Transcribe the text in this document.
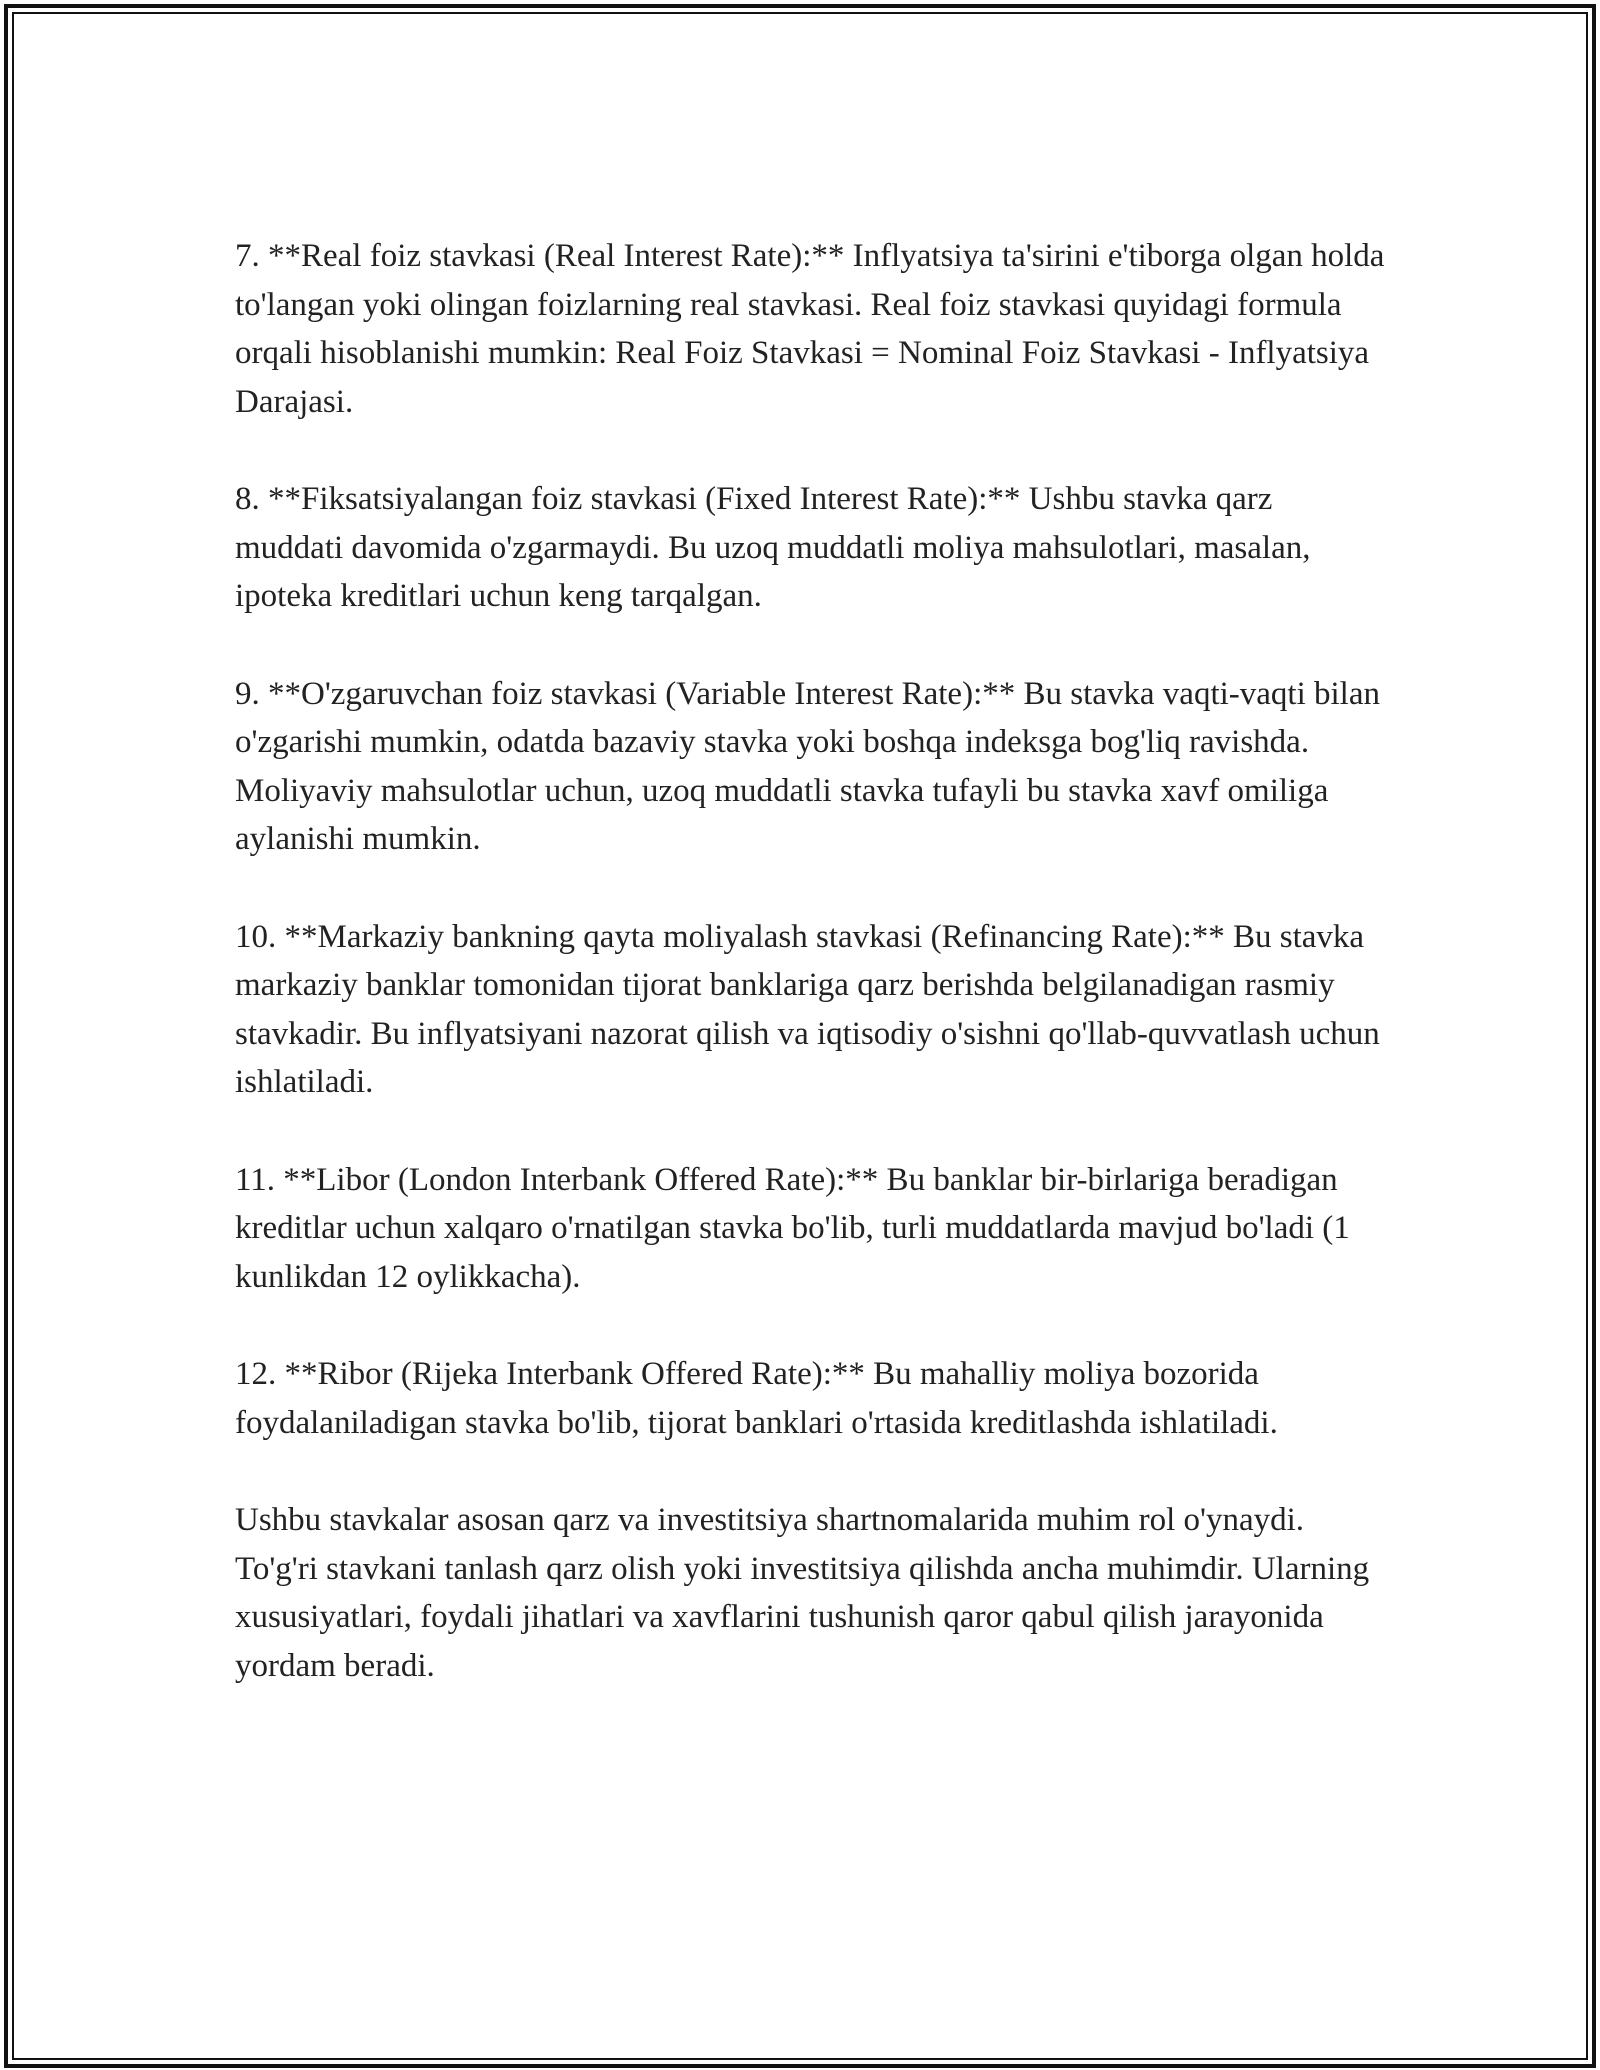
7. **Real foiz stavkasi (Real Interest Rate):** Inflyatsiya ta'sirini e'tiborga olgan holda to'langan yoki olingan foizlarning real stavkasi. Real foiz stavkasi quyidagi formula orqali hisoblanishi mumkin: Real Foiz Stavkasi = Nominal Foiz Stavkasi - Inflyatsiya Darajasi.

8. **Fiksatsiyalangan foiz stavkasi (Fixed Interest Rate):** Ushbu stavka qarz muddati davomida o'zgarmaydi. Bu uzoq muddatli moliya mahsulotlari, masalan, ipoteka kreditlari uchun keng tarqalgan.

9. **O'zgaruvchan foiz stavkasi (Variable Interest Rate):** Bu stavka vaqti-vaqti bilan o'zgarishi mumkin, odatda bazaviy stavka yoki boshqa indeksga bog'liq ravishda. Moliyaviy mahsulotlar uchun, uzoq muddatli stavka tufayli bu stavka xavf omiliga aylanishi mumkin.

10. **Markaziy bankning qayta moliyalash stavkasi (Refinancing Rate):** Bu stavka markaziy banklar tomonidan tijorat banklariga qarz berishda belgilanadigan rasmiy stavkadir. Bu inflyatsiyani nazorat qilish va iqtisodiy o'sishni qo'llab-quvvatlash uchun ishlatiladi.

11. **Libor (London Interbank Offered Rate):** Bu banklar bir-birlariga beradigan kreditlar uchun xalqaro o'rnatilgan stavka bo'lib, turli muddatlarda mavjud bo'ladi (1 kunlikdan 12 oylikkacha).

12. **Ribor (Rijeka Interbank Offered Rate):** Bu mahalliy moliya bozorida foydalaniladigan stavka bo'lib, tijorat banklari o'rtasida kreditlashda ishlatiladi.

Ushbu stavkalar asosan qarz va investitsiya shartnomalarida muhim rol o'ynaydi. To'g'ri stavkani tanlash qarz olish yoki investitsiya qilishda ancha muhimdir. Ularning xususiyatlari, foydali jihatlari va xavflarini tushunish qaror qabul qilish jarayonida yordam beradi.
